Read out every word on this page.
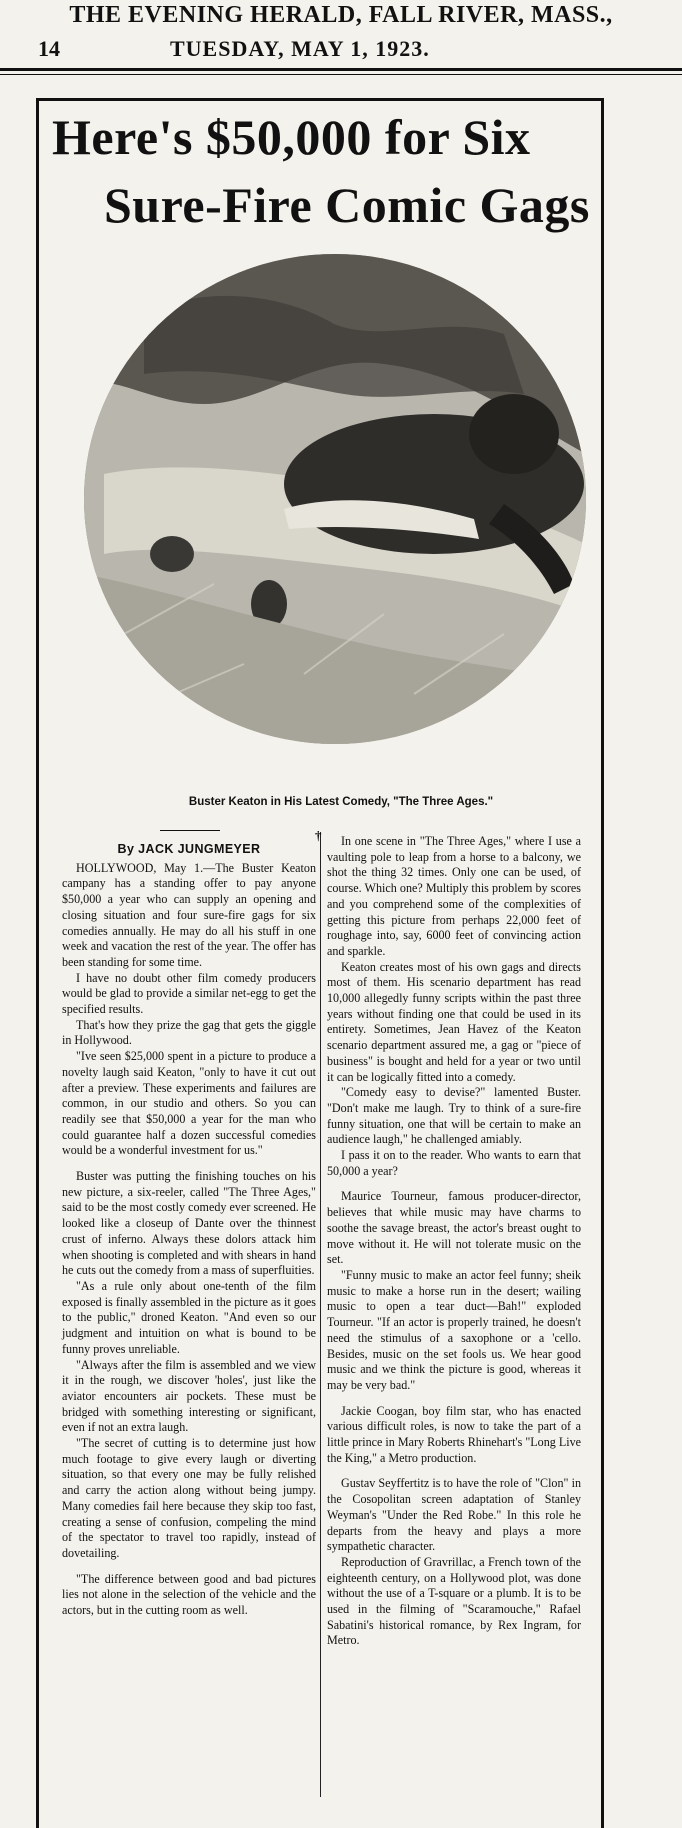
THE EVENING HERALD, FALL RIVER, MASS.,
14	TUESDAY, MAY 1, 1923.
Here's $50,000 for Six
Sure-Fire Comic Gags
Buster Keaton in His Latest Comedy, "The Three Ages."
†
By JACK JUNGMEYER

HOLLYWOOD, May 1.—The Buster Keaton campany has a standing offer to pay anyone $50,000 a year who can supply an opening and closing situation and four sure-fire gags for six comedies annually. He may do all his stuff in one week and vacation the rest of the year. The offer has been standing for some time.

I have no doubt other film comedy producers would be glad to provide a similar net-egg to get the specified results.

That's how they prize the gag that gets the giggle in Hollywood.

"Ive seen $25,000 spent in a picture to produce a novelty laugh said Keaton, "only to have it cut out after a preview. These experiments and failures are common, in our studio and others. So you can readily see that $50,000 a year for the man who could guarantee half a dozen successful comedies would be a wonderful investment for us."

Buster was putting the finishing touches on his new picture, a six-reeler, called "The Three Ages," said to be the most costly comedy ever screened. He looked like a closeup of Dante over the thinnest crust of inferno. Always these dolors attack him when shooting is completed and with shears in hand he cuts out the comedy from a mass of superfluities.

"As a rule only about one-tenth of the film exposed is finally assembled in the picture as it goes to the public," droned Keaton. "And even so our judgment and intuition on what is bound to be funny proves unreliable.

"Always after the film is assembled and we view it in the rough, we discover 'holes', just like the aviator encounters air pockets. These must be bridged with something interesting or significant, even if not an extra laugh.

"The secret of cutting is to determine just how much footage to give every laugh or diverting situation, so that every one may be fully relished and carry the action along without being jumpy. Many comedies fail here because they skip too fast, creating a sense of confusion, compeling the mind of the spectator to travel too rapidly, instead of dovetailing.

"The difference between good and bad pictures lies not alone in the selection of the vehicle and the actors, but in the cutting room as well.

In one scene in "The Three Ages," where I use a vaulting pole to leap from a horse to a balcony, we shot the thing 32 times. Only one can be used, of course. Which one? Multiply this problem by scores and you comprehend some of the complexities of getting this picture from perhaps 22,000 feet of roughage into, say, 6000 feet of convincing action and sparkle.

Keaton creates most of his own gags and directs most of them. His scenario department has read 10,000 allegedly funny scripts within the past three years without finding one that could be used in its entirety. Sometimes, Jean Havez of the Keaton scenario department assured me, a gag or "piece of business" is bought and held for a year or two until it can be logically fitted into a comedy.

"Comedy easy to devise?" lamented Buster. "Don't make me laugh. Try to think of a sure-fire funny situation, one that will be certain to make an audience laugh," he challenged amiably.

I pass it on to the reader. Who wants to earn that 50,000 a year?

Maurice Tourneur, famous producer-director, believes that while music may have charms to soothe the savage breast, the actor's breast ought to move without it. He will not tolerate music on the set.

"Funny music to make an actor feel funny; sheik music to make a horse run in the desert; wailing music to open a tear duct—Bah!" exploded Tourneur. "If an actor is properly trained, he doesn't need the stimulus of a saxophone or a 'cello. Besides, music on the set fools us. We hear good music and we think the picture is good, whereas it may be very bad."

Jackie Coogan, boy film star, who has enacted various difficult roles, is now to take the part of a little prince in Mary Roberts Rhinehart's "Long Live the King," a Metro production.

Gustav Seyffertitz is to have the role of "Clon" in the Cosopolitan screen adaptation of Stanley Weyman's "Under the Red Robe." In this role he departs from the heavy and plays a more sympathetic character.

Reproduction of Gravrillac, a French town of the eighteenth century, on a Hollywood plot, was done without the use of a T-square or a plumb. It is to be used in the filming of "Scaramouche," Rafael Sabatini's historical romance, by Rex Ingram, for Metro.
